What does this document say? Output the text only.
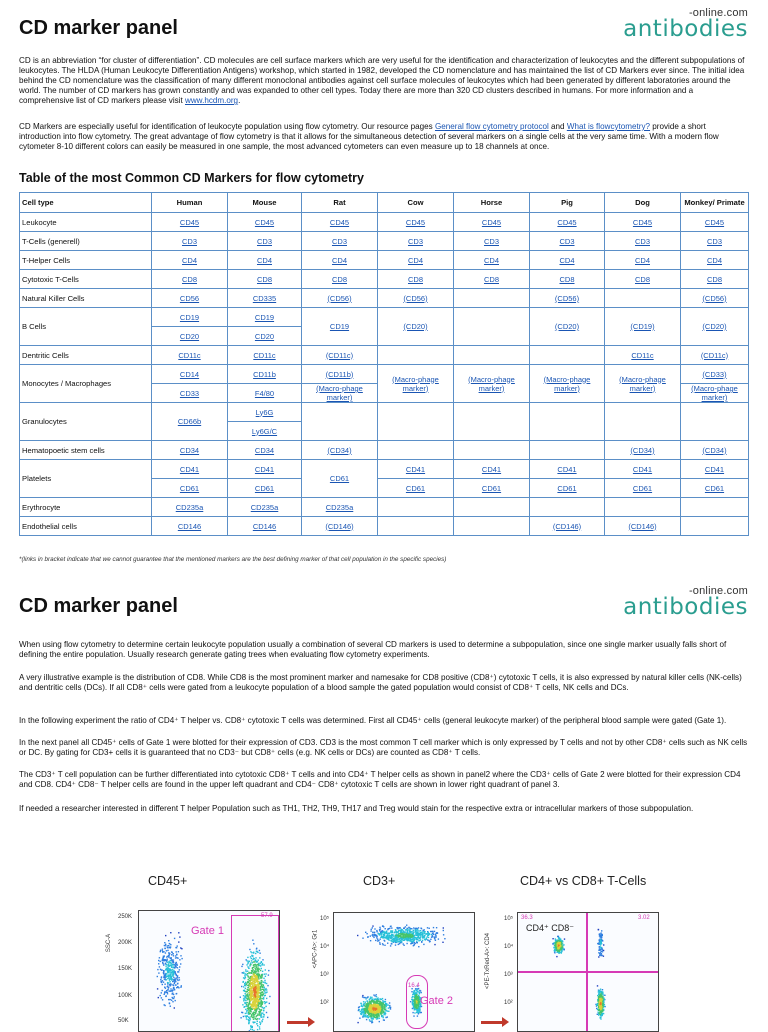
CD marker panel
-online.com
antibodies

CD is an abbreviation “for cluster of differentiation”. CD molecules are cell surface markers which are very useful for the identification and characterization of leukocytes and the different subpopulations of leukocytes. The HLDA (Human Leukocyte Differentiation Antigens) workshop, which started in 1982, developed the CD nomenclature and has maintained the list of CD Markers ever since. The initial idea behind the CD nomenclature was the classification of many different monoclonal antibodies against cell surface molecules of leukocytes which had been generated by different laboratories around the world. The number of CD markers has grown constantly and was expanded to other cell types. Today there are more than 320 CD clusters described in humans. For more information and a comprehensive list of CD markers please visit www.hcdm.org.

CD Markers are especially useful for identification of leukocyte population using flow cytometry. Our resource pages General flow cytometry protocol and What is flowcytometry? provide a short introduction into flow cytometry. The great advantage of flow cytometry is that it allows for the simultaneous detection of several markers on a single cells at the very same time. With a modern flow cytometer 8-10 different colors can easily be measured in one sample, the most advanced cytometers can even measure up to 18 channels at once.

Table of the most Common CD Markers for flow cytometry
Cell type	Human	Mouse	Rat	Cow	Horse	Pig	Dog	Monkey/ Primate
Leukocyte	CD45	CD45	CD45	CD45	CD45	CD45	CD45	CD45
T-Cells (generell)	CD3	CD3	CD3	CD3	CD3	CD3	CD3	CD3
T-Helper Cells	CD4	CD4	CD4	CD4	CD4	CD4	CD4	CD4
Cytotoxic T-Cells	CD8	CD8	CD8	CD8	CD8	CD8	CD8	CD8
Natural Killer Cells	CD56	CD335	(CD56)	(CD56)		(CD56)		(CD56)
B Cells	CD19	CD19	CD19	(CD20)		(CD20)	(CD19)	(CD20)
	CD20	CD20						
Dentritic Cells	CD11c	CD11c	(CD11c)				CD11c	(CD11c)
Monocytes / Macrophages	CD14	CD11b	(CD11b)	(Macro-phage marker)	(Macro-phage marker)	(Macro-phage marker)	(Macro-phage marker)	(CD33)
	CD33	F4/80	(Macro-phage marker)					(Macro-phage marker)
Granulocytes	CD66b	Ly6G						
		Ly6G/C						
Hematopoetic stem cells	CD34	CD34	(CD34)				(CD34)	(CD34)
Platelets	CD41	CD41	CD61	CD41	CD41	CD41	CD41	CD41
	CD61	CD61		CD61	CD61	CD61	CD61	CD61
Erythrocyte	CD235a	CD235a	CD235a					
Endothelial cells	CD146	CD146	(CD146)			(CD146)	(CD146)	
*(links in bracket indicate that we cannot guarantee that the mentioned markers are the best defining marker of that cell population in the specific species)
CD marker panel
-online.com
antibodies

When using flow cytometry to determine certain leukocyte population usually a combination of several CD markers is used to determine a subpopulation, since one single marker usually falls short of defining the entire population. Usually research generate gating trees when evaluating flow cytometry experiments.

A very illustrative example is the distribution of CD8. While CD8 is the most prominent marker and namesake for CD8 positive (CD8⁺) cytotoxic T cells, it is also expressed by natural killer cells (NK-cells) and dentritic cells (DCs). If all CD8⁺ cells were gated from a leukocyte population of a blood sample the gated population would consist of CD8⁺ T cells, NK cells and DCs.

In the following experiment the ratio of CD4⁺ T helper vs. CD8⁺ cytotoxic T cells was determined. First all CD45⁺ cells (general leukocyte marker) of the peripheral blood sample were gated (Gate 1).

In the next panel all CD45⁺ cells of Gate 1 were blotted for their expression of CD3. CD3 is the most common T cell marker which is only expressed by T cells and not by other CD8⁺ cells such as NK cells or DC. By gating for CD3+ cells it is guaranteed that no CD3⁻ but CD8⁺ cells (e.g. NK cells or DCs) are counted as CD8⁺ T cells.

The CD3⁺ T cell population can be further differentiated into cytotoxic CD8⁺ T cells and into CD4⁺ T helper cells as shown in panel2 where the CD3⁺ cells of Gate 2 were blotted for their expression CD4 and CD8. CD4⁺ CD8⁻ T helper cells are found in the upper left quadrant and CD4⁻ CD8⁺ cytotoxic T cells are shown in lower right quadrant of panel 3.

If needed a researcher interested in different T helper Population such as TH1, TH2, TH9, TH17 and Treg would stain for the respective extra or intracellular markers of those subpopulation.

CD45+	CD3+	CD4+ vs CD8+ T-Cells
SSC-A
250K
200K
150K
100K
50K
Gate 1
57.9
<APC-A>: Gr1
10⁵
10⁴
10³
10²	Gate 2
16.4	<PE-TxRed-A>: CD4
10⁵
10⁴
10³
10²
CD4⁺ CD8⁻
36.3	3.02
